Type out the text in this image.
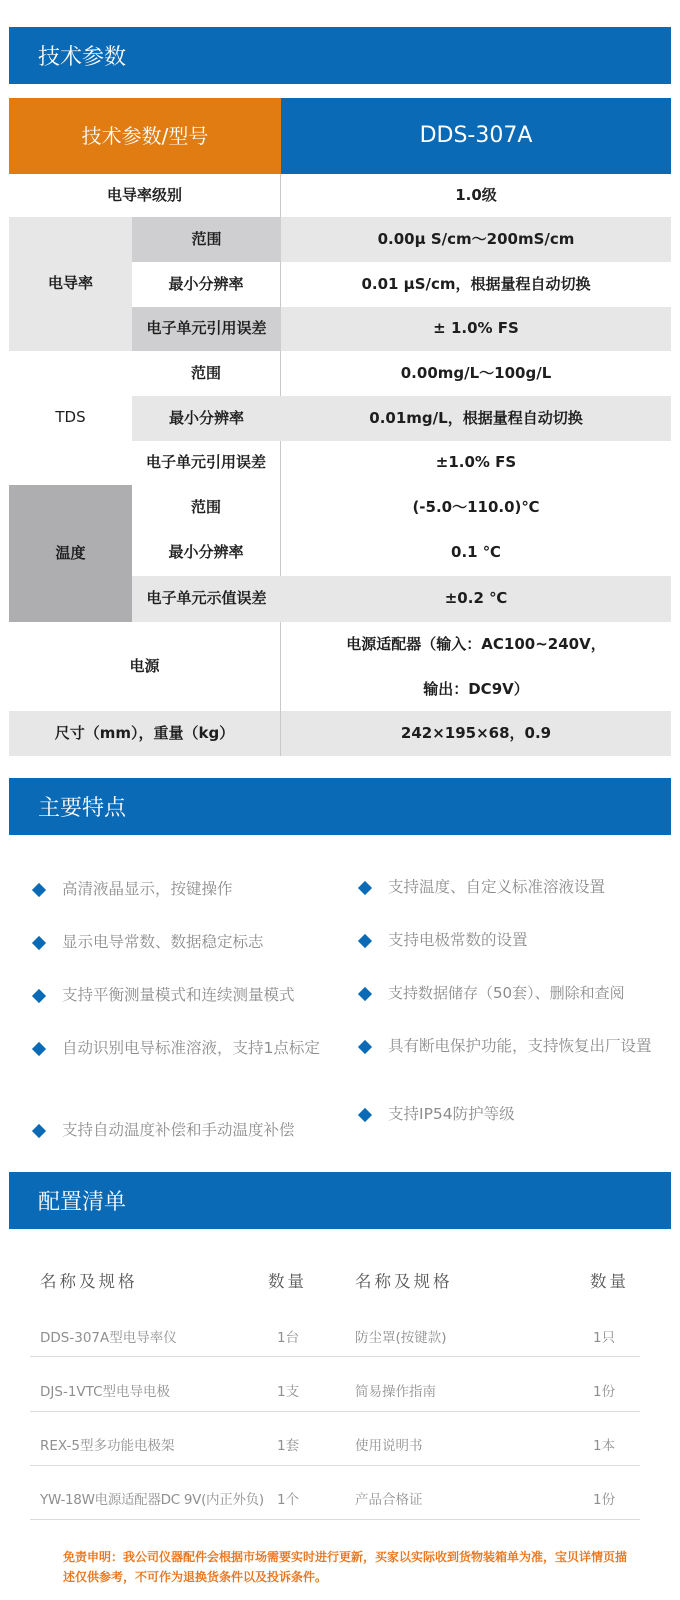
技术参数
技术参数/型号	DDS-307A
电导率级别	1.0级
电导率
范围	0.00μ S/cm～200mS/cm
最小分辨率	0.01 μS/cm，根据量程自动切换
电子单元引用误差	± 1.0% FS
TDS
范围	0.00mg/L～100g/L
最小分辨率	0.01mg/L，根据量程自动切换
电子单元引用误差	±1.0% FS
温度
范围	(-5.0～110.0)℃
最小分辨率	0.1 ℃
电子单元示值误差	±0.2 ℃
电源
电源适配器（输入：AC100~240V，
输出：DC9V）
尺寸（mm），重量（kg）	242×195×68，0.9
主要特点
高清液晶显示，按键操作
显示电导常数、数据稳定标志
支持平衡测量模式和连续测量模式
自动识别电导标准溶液，支持1点标定
支持自动温度补偿和手动温度补偿
支持温度、自定义标准溶液设置
支持电极常数的设置
支持数据储存（50套）、删除和查阅
具有断电保护功能，支持恢复出厂设置
支持IP54防护等级
配置清单
名称及规格	数量	名称及规格	数量
DDS-307A型电导率仪	1台	防尘罩(按键款)	1只
DJS-1VTC型电导电极	1支	简易操作指南	1份
REX-5型多功能电极架	1套	使用说明书	1本
YW-18W电源适配器DC 9V(内正外负) 1个	产品合格证	1份
免责申明：我公司仪器配件会根据市场需要实时进行更新，买家以实际收到货物装箱单为准，宝贝详情页描述仅供参考，不可作为退换货条件以及投诉条件。
